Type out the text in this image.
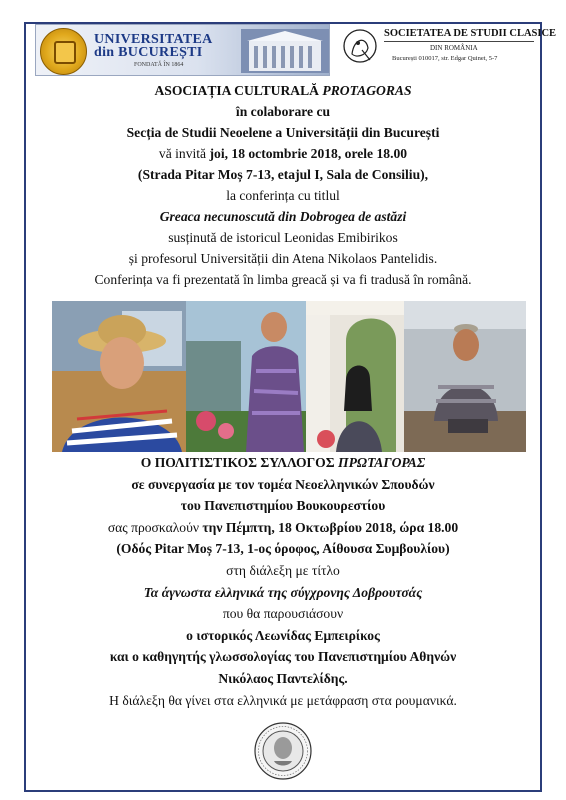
UNIVERSITATEA
din BUCUREȘTI
FONDATĂ ÎN 1864
SOCIETATEA DE STUDII CLASICE
DIN ROMÂNIA
București 010017, str. Edgar Quinet, 5-7
ASOCIAȚIA CULTURALĂ PROTAGORAS
în colaborare cu
Secția de Studii Neoelene a Universității din București
vă invită joi, 18 octombrie 2018, orele 18.00
(Strada Pitar Moș 7-13, etajul I, Sala de Consiliu),
la conferința cu titlul
Greaca necunoscută din Dobrogea de astăzi
susținută de istoricul Leonidas Emibirikos
și profesorul Universității din Atena Nikolaos Pantelidis.
Conferința va fi prezentată în limba greacă și va fi tradusă în română.
Ο ΠΟΛΙΤΙΣΤΙΚΟΣ ΣΥΛΛΟΓΟΣ ΠΡΩΤΑΓΟΡΑΣ
σε συνεργασία με τον τομέα Νεοελληνικών Σπουδών
του Πανεπιστημίου Βουκουρεστίου
σας προσκαλούν την Πέμπτη, 18 Οκτωβρίου 2018, ώρα 18.00
(Οδός Pitar Moș 7-13, 1-ος όροφος, Αίθουσα Συμβουλίου)
στη διάλεξη με τίτλο
Τα άγνωστα ελληνικά της σύγχρονης Δοβρουτσάς
που θα παρουσιάσουν
ο ιστορικός Λεωνίδας Εμπειρίκος
και ο καθηγητής γλωσσολογίας του Πανεπιστημίου Αθηνών
Νικόλαος Παντελίδης.
Η διάλεξη θα γίνει στα ελληνικά με μετάφραση στα ρουμανικά.
